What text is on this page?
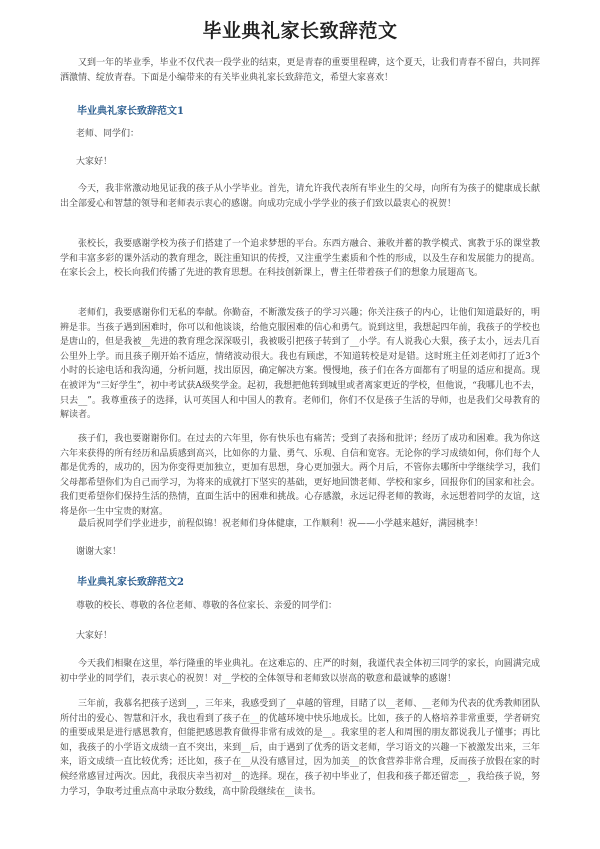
毕业典礼家长致辞范文
又到一年的毕业季，毕业不仅代表一段学业的结束，更是青春的重要里程碑，这个夏天，让我们青春不留白，共同挥洒激情、绽放青春。下面是小编带来的有关毕业典礼家长致辞范文，希望大家喜欢！
毕业典礼家长致辞范文1
老师、同学们：
大家好！
今天，我非常激动地见证我的孩子从小学毕业。首先，请允许我代表所有毕业生的父母，向所有为孩子的健康成长献出全部爱心和智慧的领导和老师表示衷心的感谢。向成功完成小学学业的孩子们致以最衷心的祝贺！
张校长，我要感谢学校为孩子们搭建了一个追求梦想的平台。东西方融合、兼收并蓄的教学模式、寓教于乐的课堂教学和丰富多彩的课外活动的教育理念，既注重知识的传授，又注重学生素质和个性的形成，以及生存和发展能力的提高。在家长会上，校长向我们传播了先进的教育思想。在科技创新课上，曹主任带着孩子们的想象力展翅高飞。
老师们，我要感谢你们无私的奉献。你勤奋，不断激发孩子的学习兴趣；你关注孩子的内心，让他们知道最好的，明辨是非。当孩子遇到困难时，你可以和他谈谈，给他克服困难的信心和勇气。说到这里，我想起四年前，我孩子的学校也是唐山的，但是我被__先进的教育理念深深吸引，我被吸引把孩子转到了__小学。有人说我心大狠，孩子太小，远去几百公里外上学。而且孩子刚开始不适应，情绪波动很大。我也有顾虑，不知道转校是对是错。这时班主任刘老师打了近3个小时的长途电话和我沟通，分析问题，找出原因，确定解决方案。慢慢地，孩子们在各方面都有了明显的适应和提高。现在被评为“三好学生”，初中考试获A级奖学金。起初，我想把他转到城里或者离家更近的学校，但他说，“我哪儿也不去，只去__”。我尊重孩子的选择，认可英国人和中国人的教育。老师们，你们不仅是孩子生活的导师，也是我们父母教育的解读者。
孩子们，我也要谢谢你们。在过去的六年里，你有快乐也有痛苦；受到了表扬和批评；经历了成功和困难。我为你这六年来获得的所有经历和品质感到高兴，比如你的力量、勇气、乐观、自信和宽容。无论你的学习成绩如何，你们每个人都是优秀的，成功的，因为你变得更加独立，更加有思想，身心更加强大。两个月后，不管你去哪所中学继续学习，我们父母都希望你们为自己而学习，为将来的成就打下坚实的基础，更好地回馈老师、学校和家乡，回报你们的国家和社会。我们更希望你们保持生活的热情，直面生活中的困难和挑战。心存感激，永远记得老师的教诲，永远想着同学的友谊，这将是你一生中宝贵的财富。
最后祝同学们学业进步，前程似锦！祝老师们身体健康，工作顺利！祝——小学越来越好，满园桃李！
谢谢大家！
毕业典礼家长致辞范文2
尊敬的校长、尊敬的各位老师、尊敬的各位家长、亲爱的同学们：
大家好！
今天我们相聚在这里，举行隆重的毕业典礼。在这难忘的、庄严的时刻，我谨代表全体初三同学的家长，向圆满完成初中学业的同学们，表示衷心的祝贺！对__学校的全体领导和老师致以崇高的敬意和最诚挚的感谢！
三年前，我慕名把孩子送到__，三年来，我感受到了__卓越的管理，目睹了以__老师、__老师为代表的优秀教师团队所付出的爱心、智慧和汗水，我也看到了孩子在__的优越环境中快乐地成长。比如，孩子的人格培养非常重要，学者研究的重要成果是进行感恩教育，但能把感恩教育做得非常有成效的是__。我家里的老人和周围的朋友都说我儿子懂事；再比如，我孩子的小学语文成绩一直不突出，来到__后，由于遇到了优秀的语文老师，学习语文的兴趣一下被激发出来，三年来，语文成绩一直比较优秀；还比如，孩子在__从没有感冒过，因为加美__的饮食营养非常合理，反而孩子放假在家的时候经常感冒过两次。因此，我很庆幸当初对__的选择。现在，孩子初中毕业了，但我和孩子都还留恋__，我给孩子说，努力学习，争取考过重点高中录取分数线，高中阶段继续在__读书。
